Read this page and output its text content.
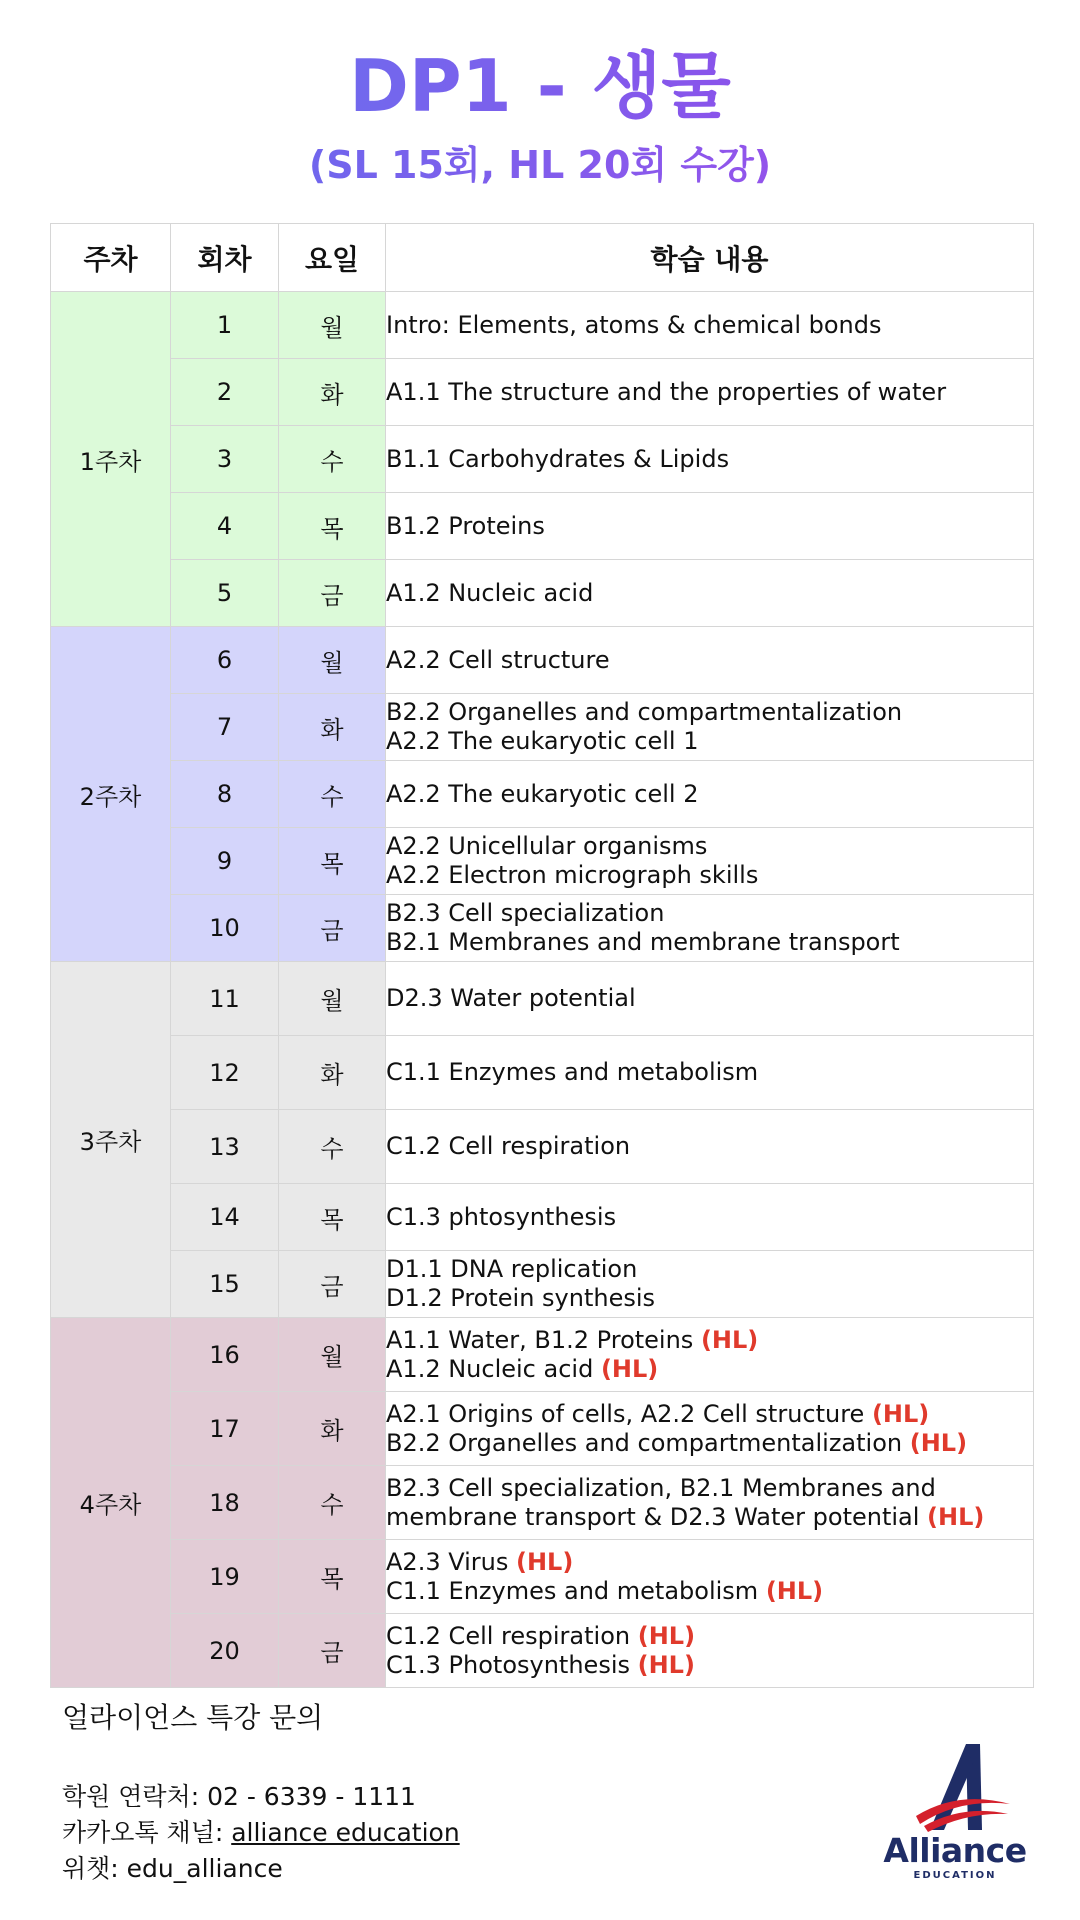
DP1 - 생물
(SL 15회, HL 20회 수강)
주차	회차	요일	학습 내용
1주차	1	월	Intro: Elements, atoms & chemical bonds

	2	화	A1.1 The structure and the properties of water

	3	수	B1.1 Carbohydrates & Lipids

	4	목	B1.2 Proteins

	5	금	A1.2 Nucleic acid

2주차	6	월	A2.2 Cell structure

	7	화	B2.2 Organelles and compartmentalization
A2.2 The eukaryotic cell 1

	8	수	A2.2 The eukaryotic cell 2

	9	목	A2.2 Unicellular organisms
A2.2 Electron micrograph skills

	10	금	B2.3 Cell specialization
B2.1 Membranes and membrane transport

3주차	11	월	D2.3 Water potential

	12	화	C1.1 Enzymes and metabolism

	13	수	C1.2 Cell respiration

	14	목	C1.3 phtosynthesis

	15	금	D1.1 DNA replication
D1.2 Protein synthesis

4주차	16	월	A1.1 Water, B1.2 Proteins (HL)
A1.2 Nucleic acid (HL)

	17	화	A2.1 Origins of cells, A2.2 Cell structure (HL)
B2.2 Organelles and compartmentalization (HL)

	18	수	B2.3 Cell specialization, B2.1 Membranes and
membrane transport & D2.3 Water potential (HL)

	19	목	A2.3 Virus (HL)
C1.1 Enzymes and metabolism (HL)

	20	금	C1.2 Cell respiration (HL)
C1.3 Photosynthesis (HL)
얼라이언스 특강 문의
학원 연락처: 02 - 6339 - 1111
카카오톡 채널: alliance education
위챗: edu_alliance	Alliance
EDUCATION
